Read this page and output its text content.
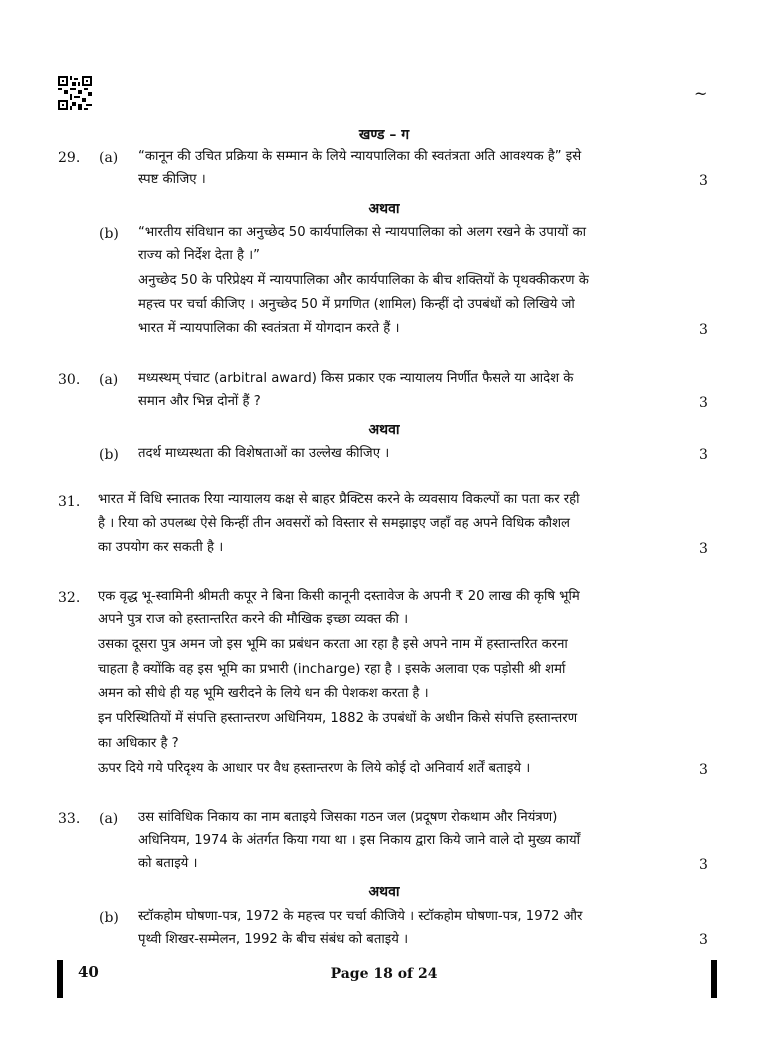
~
खण्ड – ग
29. (a) “कानून की उचित प्रक्रिया के सम्मान के लिये न्यायपालिका की स्वतंत्रता अति आवश्यक है” इसे
स्पष्ट कीजिए ।	3
अथवा
(b) “भारतीय संविधान का अनुच्छेद 50 कार्यपालिका से न्यायपालिका को अलग रखने के उपायों का
राज्य को निर्देश देता है ।”
अनुच्छेद 50 के परिप्रेक्ष्य में न्यायपालिका और कार्यपालिका के बीच शक्तियों के पृथक्कीकरण के
महत्त्व पर चर्चा कीजिए । अनुच्छेद 50 में प्रगणित (शामिल) किन्हीं दो उपबंधों को लिखिये जो
भारत में न्यायपालिका की स्वतंत्रता में योगदान करते हैं ।	3
30. (a) मध्यस्थम् पंचाट (arbitral award) किस प्रकार एक न्यायालय निर्णीत फैसले या आदेश के
समान और भिन्न दोनों हैं ?	3
अथवा
(b) तदर्थ माध्यस्थता की विशेषताओं का उल्लेख कीजिए ।	3
31. भारत में विधि स्नातक रिया न्यायालय कक्ष से बाहर प्रैक्टिस करने के व्यवसाय विकल्पों का पता कर रही
है । रिया को उपलब्ध ऐसे किन्हीं तीन अवसरों को विस्तार से समझाइए जहाँ वह अपने विधिक कौशल
का उपयोग कर सकती है ।	3
32. एक वृद्ध भू-स्वामिनी श्रीमती कपूर ने बिना किसी कानूनी दस्तावेज के अपनी ₹ 20 लाख की कृषि भूमि
अपने पुत्र राज को हस्तान्तरित करने की मौखिक इच्छा व्यक्त की ।
उसका दूसरा पुत्र अमन जो इस भूमि का प्रबंधन करता आ रहा है इसे अपने नाम में हस्तान्तरित करना
चाहता है क्योंकि वह इस भूमि का प्रभारी (incharge) रहा है । इसके अलावा एक पड़ोसी श्री शर्मा
अमन को सीधे ही यह भूमि खरीदने के लिये धन की पेशकश करता है ।
इन परिस्थितियों में संपत्ति हस्तान्तरण अधिनियम, 1882 के उपबंधों के अधीन किसे संपत्ति हस्तान्तरण
का अधिकार है ?
ऊपर दिये गये परिदृश्य के आधार पर वैध हस्तान्तरण के लिये कोई दो अनिवार्य शर्तें बताइये ।	3
33. (a) उस सांविधिक निकाय का नाम बताइये जिसका गठन जल (प्रदूषण रोकथाम और नियंत्रण)
अधिनियम, 1974 के अंतर्गत किया गया था । इस निकाय द्वारा किये जाने वाले दो मुख्य कार्यों
को बताइये ।	3
अथवा
(b) स्टॉकहोम घोषणा-पत्र, 1972 के महत्त्व पर चर्चा कीजिये । स्टॉकहोम घोषणा-पत्र, 1972 और
पृथ्वी शिखर-सम्मेलन, 1992 के बीच संबंध को बताइये ।	3
40	Page 18 of 24
